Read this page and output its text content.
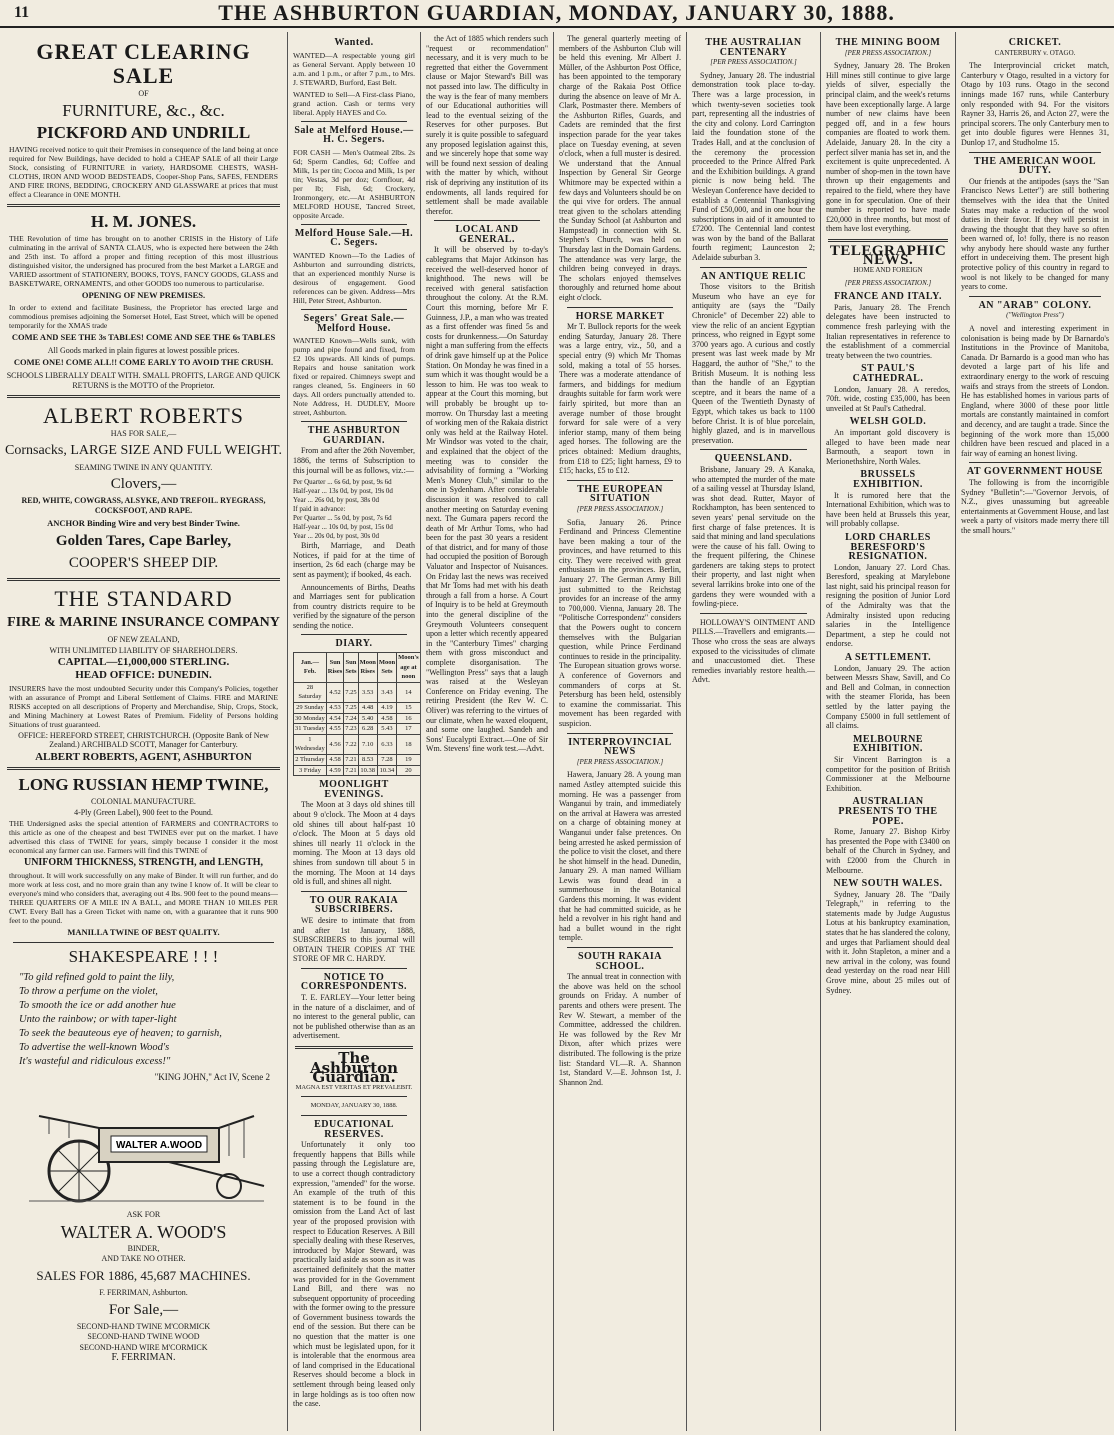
11	THE ASHBURTON GUARDIAN, MONDAY, JANUARY 30, 1888.
GREAT CLEARING SALE
OF
FURNITURE, &c., &c.
PICKFORD AND UNDRILL
HAVING received notice to quit their Premises in consequence of the land being at once required for New Buildings, have decided to hold a CHEAP SALE of all their Large Stock, consisting of FURNITURE in variety, HARDSOME CHESTS, WASH-CLOTHS, IRON AND WOOD BEDSTEADS, Cooper-Shop Pans, SAFES, FENDERS AND FIRE IRONS, BEDDING, CROCKERY AND GLASSWARE at prices that must effect a Clearance in ONE MONTH.
H. M. JONES.
THE Revolution of time has brought on to another CRISIS in the History of Life culminating in the arrival of SANTA CLAUS, who is expected here between the 24th and 25th inst. To afford a proper and fitting reception of this most illustrious distinguished visitor, the undersigned has procured from the best Market a LARGE and VARIED assortment of STATIONERY, BOOKS, TOYS, FANCY GOODS, GLASS and BASKETWARE, ORNAMENTS, and other GOODS too numerous to particularise.
OPENING OF NEW PREMISES.
In order to extend and facilitate Business, the Proprietor has erected large and commodious premises adjoining the Somerset Hotel, East Street, which will be opened temporarily for the XMAS trade
COME AND SEE THE 3s TABLES! COME AND SEE THE 6s TABLES
All Goods marked in plain figures at lowest possible prices.
COME ONE! COME ALL!! COME EARLY TO AVOID THE CRUSH.
SCHOOLS LIBERALLY DEALT WITH. SMALL PROFITS, LARGE AND QUICK RETURNS is the MOTTO of the Proprietor.
ALBERT ROBERTS
HAS FOR SALE,—
Cornsacks, LARGE SIZE AND FULL WEIGHT.
SEAMING TWINE IN ANY QUANTITY.
Clovers,—
RED, WHITE, COWGRASS, ALSYKE, AND TREFOIL. RYEGRASS, COCKSFOOT, AND RAPE.
ANCHOR Binding Wire and very best Binder Twine.
Golden Tares, Cape Barley,
COOPER'S SHEEP DIP.
THE STANDARD
FIRE & MARINE INSURANCE COMPANY
OF NEW ZEALAND,
WITH UNLIMITED LIABILITY OF SHAREHOLDERS.
CAPITAL—£1,000,000 STERLING.
HEAD OFFICE: DUNEDIN.
INSURERS have the most undoubted Security under this Company's Policies, together with an assurance of Prompt and Liberal Settlement of Claims. FIRE and MARINE RISKS accepted on all descriptions of Property and Merchandise, Ship, Crops, Stock, and Mining Machinery at Lowest Rates of Premium. Fidelity of Persons holding Situations of trust guaranteed.
OFFICE: HEREFORD STREET, CHRISTCHURCH. (Opposite Bank of New Zealand.) ARCHIBALD SCOTT, Manager for Canterbury.
ALBERT ROBERTS, AGENT, ASHBURTON
LONG RUSSIAN HEMP TWINE,
COLONIAL MANUFACTURE.
4-Ply (Green Label), 900 feet to the Pound.
THE Undersigned asks the special attention of FARMERS and CONTRACTORS to this article as one of the cheapest and best TWINES ever put on the market. I have advertised this class of TWINE for years, simply because I consider it the most economical any farmer can use. Farmers will find this TWINE of
UNIFORM THICKNESS, STRENGTH, and LENGTH,
throughout. It will work successfully on any make of Binder. It will run further, and do more work at less cost, and no more grain than any twine I know of. It will be clear to everyone's mind who considers that, averaging out 4 lbs. 900 feet to the pound means—THREE QUARTERS OF A MILE IN A BALL, and MORE THAN 10 MILES PER CWT. Every Ball has a Green Ticket with name on, with a guarantee that it runs 900 feet to the pound.
MANILLA TWINE OF BEST QUALITY.
SHAKESPEARE ! ! !
"To gild refined gold to paint the lily,
To throw a perfume on the violet,
To smooth the ice or add another hue
Unto the rainbow; or with taper-light
To seek the beauteous eye of heaven; to garnish,
To advertise the well-known Wood's
It's wasteful and ridiculous excess!"
"KING JOHN," Act IV, Scene 2
WALTER A.WOOD
ASK FOR
WALTER A. WOOD'S
BINDER,
AND TAKE NO OTHER.
SALES FOR 1886, 45,687 MACHINES.
F. FERRIMAN, Ashburton.
For Sale,—
SECOND-HAND TWINE M'CORMICK
SECOND-HAND TWINE WOOD
SECOND-HAND WIRE M'CORMICK
F. FERRIMAN.
Wanted.
WANTED—A respectable young girl as General Servant. Apply between 10 a.m. and 1 p.m., or after 7 p.m., to Mrs. J. STEWARD, Burford, East Belt.
WANTED to Sell—A First-class Piano, grand action. Cash or terms very liberal. Apply HAYES and Co.
Sale at Melford House.—H. C. Segers.
FOR CASH — Men's Oatmeal 2lbs. 2s 6d; Sperm Candles, 6d; Coffee and Milk, 1s per tin; Cocoa and Milk, 1s per tin; Vestas, 3d per doz; Cornflour, 4d per lb; Fish, 6d; Crockery, Ironmongery, etc.—At ASHBURTON MELFORD HOUSE, Tancred Street, opposite Arcade.
Melford House Sale.—H. C. Segers.
WANTED Known—To the Ladies of Ashburton and surrounding districts, that an experienced monthly Nurse is desirous of engagement. Good references can be given. Address—Mrs Hill, Peter Street, Ashburton.
Segers' Great Sale.—Melford House.
WANTED Known—Wells sunk, with pump and pipe found and fixed, from £2 10s upwards. All kinds of pumps. Repairs and house sanitation work fixed or repaired. Chimneys swept and ranges cleaned, 5s. Engineers in 60 days. All orders punctually attended to. Note Address, H. DUDLEY, Moore street, Ashburton.
THE ASHBURTON GUARDIAN.

From and after the 26th November, 1886, the terms of Subscription to this journal will be as follows, viz.:—

Per Quarter ... 6s 6d, by post, 9s 6d
Half-year ... 13s 0d, by post, 19s 0d
Year ... 26s 0d, by post, 38s 0d
If paid in advance:
Per Quarter ... 5s 0d, by post, 7s 6d
Half-year ... 10s 0d, by post, 15s 0d
Year ... 20s 0d, by post, 30s 0d

Birth, Marriage, and Death Notices, if paid for at the time of insertion, 2s 6d each (charge may be sent as payment); if booked, 4s each.

Announcements of Births, Deaths and Marriages sent for publication from country districts require to be verified by the signature of the person sending the notice.

DIARY.
Jan.—Feb.	Sun Rises	Sun Sets	Moon Rises	Moon Sets	Moon's age at noon
28 Saturday	4.52	7.25	3.53	3.43	14
29 Sunday	4.53	7.25	4.48	4.19	15
30 Monday	4.54	7.24	5.40	4.58	16
31 Tuesday	4.55	7.23	6.28	5.43	17
1 Wednesday	4.56	7.22	7.10	6.33	18
2 Thursday	4.58	7.21	8.53	7.28	19
3 Friday	4.59	7.21	10.38	10.34	20
MOONLIGHT EVENINGS.

The Moon at 3 days old shines till about 9 o'clock. The Moon at 4 days old shines till about half-past 10 o'clock. The Moon at 5 days old shines till nearly 11 o'clock in the morning. The Moon at 13 days old shines from sundown till about 5 in the morning. The Moon at 14 days old is full, and shines all night.

TO OUR RAKAIA SUBSCRIBERS.

WE desire to intimate that from and after 1st January, 1888, SUBSCRIBERS to this journal will OBTAIN THEIR COPIES AT THE STORE OF MR C. HARDY.

NOTICE TO CORRESPONDENTS.

T. E. FARLEY—Your letter being in the nature of a disclaimer, and of no interest to the general public, can not be published otherwise than as an advertisement.

The Ashburton Guardian.
MAGNA EST VERITAS ET PREVALEBIT.
MONDAY, JANUARY 30, 1888.
EDUCATIONAL RESERVES.

Unfortunately it only too frequently happens that Bills while passing through the Legislature are, to use a correct though contradictory expression, "amended" for the worse. An example of the truth of this statement is to be found in the omission from the Land Act of last year of the proposed provision with respect to Education Reserves. A Bill specially dealing with these Reserves, introduced by Major Steward, was practically laid aside as soon as it was ascertained definitely that the matter was provided for in the Government Land Bill, and there was no subsequent opportunity of proceeding with the former owing to the pressure of Government business towards the end of the session. But there can be no question that the matter is one which must be legislated upon, for it is intolerable that the enormous area of land comprised in the Educational Reserves should become a block in settlement through being leased only in large holdings as is too often now the case.

the Act of 1885 which renders such "request or recommendation" necessary, and it is very much to be regretted that either the Government clause or Major Steward's Bill was not passed into law. The difficulty in the way is the fear of many members of our Educational authorities will lead to the eventual seizing of the Reserves for other purposes. But surely it is quite possible to safeguard any proposed legislation against this, and we sincerely hope that some way will be found next session of dealing with the matter by which, without risk of depriving any institution of its endowments, all lands required for settlement shall be made available therefor.

LOCAL AND GENERAL.

It will be observed by to-day's cablegrams that Major Atkinson has received the well-deserved honor of knighthood. The news will be received with general satisfaction throughout the colony. At the R.M. Court this morning, before Mr F. Guinness, J.P., a man who was treated as a first offender was fined 5s and costs for drunkenness.—On Saturday night a man suffering from the effects of drink gave himself up at the Police Station. On Monday he was fined in a sum which it was thought would be a lesson to him. He was too weak to appear at the Court this morning, but will probably be brought up to-morrow. On Thursday last a meeting of working men of the Rakaia district only was held at the Railway Hotel. Mr Windsor was voted to the chair, and explained that the object of the meeting was to consider the advisability of forming a "Working Men's Money Club," similar to the one in Sydenham. After considerable discussion it was resolved to call another meeting on Saturday evening next. The Gumara papers record the death of Mr Arthur Toms, who had been for the past 30 years a resident of that district, and for many of those had occupied the position of Borough Valuator and Inspector of Nuisances. On Friday last the news was received that Mr Toms had met with his death through a fall from a horse. A Court of Inquiry is to be held at Greymouth into the general discipline of the Greymouth Volunteers consequent upon a letter which recently appeared in the "Canterbury Times" charging them with gross misconduct and complete disorganisation. The "Wellington Press" says that a laugh was raised at the Wesleyan Conference on Friday evening. The retiring President (the Rev W. C. Oliver) was referring to the virtues of our climate, when he waxed eloquent, and some one laughed. Sandeh and Sons' Eucalypti Extract.—One of Sir Wm. Stevens' fine work test.—Advt.

The general quarterly meeting of members of the Ashburton Club will be held this evening. Mr Albert J. Müller, of the Ashburton Post Office, has been appointed to the temporary charge of the Rakaia Post Office during the absence on leave of Mr A. Clark, Postmaster there. Members of the Ashburton Rifles, Guards, and Cadets are reminded that the first inspection parade for the year takes place on Tuesday evening, at seven o'clock, when a full muster is desired. We understand that the Annual Inspection by General Sir George Whitmore may be expected within a few days and Volunteers should be on the qui vive for orders. The annual treat given to the scholars attending the Sunday School (at Ashburton and Hampstead) in connection with St. Stephen's Church, was held on Thursday last in the Domain Gardens. The attendance was very large, the children being conveyed in drays. The scholars enjoyed themselves thoroughly and returned home about eight o'clock.

HORSE MARKET

Mr T. Bullock reports for the week ending Saturday, January 28. There was a large entry, viz., 50, and a special entry (9) which Mr Thomas sold, making a total of 55 horses. There was a moderate attendance of farmers, and biddings for medium draughts suitable for farm work were fairly spirited, but more than an average number of those brought forward for sale were of a very inferior stamp, many of them being aged horses. The following are the prices obtained: Medium draughts, from £18 to £25; light harness, £9 to £15; hacks, £5 to £12.

THE EUROPEAN SITUATION
[PER PRESS ASSOCIATION.]

Sofia, January 26. Prince Ferdinand and Princess Clementine have been making a tour of the provinces, and have returned to this city. They were received with great enthusiasm in the provinces. Berlin, January 27. The German Army Bill just submitted to the Reichstag provides for an increase of the army to 700,000. Vienna, January 28. The "Politische Correspondenz" considers that the Powers ought to concern themselves with the Bulgarian question, while Prince Ferdinand continues to reside in the principality. The European situation grows worse. A conference of Governors and commanders of corps at St. Petersburg has been held, ostensibly to examine the commissariat. This movement has been regarded with suspicion.

INTERPROVINCIAL NEWS
[PER PRESS ASSOCIATION.]

Hawera, January 28. A young man named Astley attempted suicide this morning. He was a passenger from Wanganui by train, and immediately on the arrival at Hawera was arrested on a charge of obtaining money at Wanganui under false pretences. On being arrested he asked permission of the police to visit the closet, and there he shot himself in the head. Dunedin, January 29. A man named William Lewis was found dead in a summerhouse in the Botanical Gardens this morning. It was evident that he had committed suicide, as he held a revolver in his right hand and had a bullet wound in the right temple.

SOUTH RAKAIA SCHOOL.

The annual treat in connection with the above was held on the school grounds on Friday. A number of parents and others were present. The Rev W. Stewart, a member of the Committee, addressed the children. He was followed by the Rev Mr Dixon, after which prizes were distributed. The following is the prize list: Standard VI.—R. A. Shannon 1st, Standard V.—E. Johnson 1st, J. Shannon 2nd.

THE AUSTRALIAN CENTENARY
[PER PRESS ASSOCIATION.]

Sydney, January 28. The industrial demonstration took place to-day. There was a large procession, in which twenty-seven societies took part, representing all the industries of the city and colony. Lord Carrington laid the foundation stone of the Trades Hall, and at the conclusion of the ceremony the procession proceeded to the Prince Alfred Park and the Exhibition buildings. A grand picnic is now being held. The Wesleyan Conference have decided to establish a Centennial Thanksgiving Fund of £50,000, and in one hour the subscriptions in aid of it amounted to £7200. The Centennial land contest was won by the band of the Ballarat fourth regiment; Launceston 2; Adelaide suburban 3.

AN ANTIQUE RELIC

Those visitors to the British Museum who have an eye for antiquity are (says the "Daily Chronicle" of December 22) able to view the relic of an ancient Egyptian princess, who reigned in Egypt some 3700 years ago. A curious and costly present was last week made by Mr Haggard, the author of "She," to the British Museum. It is nothing less than the handle of an Egyptian sceptre, and it bears the name of a Queen of the Twentieth Dynasty of Egypt, which takes us back to 1100 before Christ. It is of blue porcelain, highly glazed, and is in marvellous preservation.

QUEENSLAND.

Brisbane, January 29. A Kanaka, who attempted the murder of the mate of a sailing vessel at Thursday Island, was shot dead. Rutter, Mayor of Rockhampton, has been sentenced to seven years' penal servitude on the first charge of false pretences. It is said that mining and land speculations were the cause of his fall. Owing to the frequent pilfering, the Chinese gardeners are taking steps to protect their property, and last night when several larrikins broke into one of the gardens they were wounded with a fowling-piece.

HOLLOWAY'S OINTMENT AND PILLS.—Travellers and emigrants.—Those who cross the seas are always exposed to the vicissitudes of climate and unaccustomed diet. These remedies invariably restore health.—Advt.

THE MINING BOOM
[PER PRESS ASSOCIATION.]

Sydney, January 28. The Broken Hill mines still continue to give large yields of silver, especially the principal claim, and the week's returns have been exceptionally large. A large number of new claims have been pegged off, and in a few hours companies are floated to work them. Adelaide, January 28. In the city a perfect silver mania has set in, and the excitement is quite unprecedented. A number of shop-men in the town have thrown up their engagements and repaired to the field, where they have gone in for speculation. One of their number is reported to have made £20,000 in three months, but most of them have lost everything.

TELEGRAPHIC NEWS.
HOME AND FOREIGN
[PER PRESS ASSOCIATION.]
FRANCE AND ITALY.

Paris, January 28. The French delegates have been instructed to commence fresh parleying with the Italian representatives in reference to the establishment of a commercial treaty between the two countries.

ST PAUL'S CATHEDRAL.

London, January 28. A reredos, 70ft. wide, costing £35,000, has been unveiled at St Paul's Cathedral.

WELSH GOLD.

An important gold discovery is alleged to have been made near Barmouth, a seaport town in Merionethshire, North Wales.

BRUSSELS EXHIBITION.

It is rumored here that the International Exhibition, which was to have been held at Brussels this year, will probably collapse.

LORD CHARLES BERESFORD'S RESIGNATION.

London, January 27. Lord Chas. Beresford, speaking at Marylebone last night, said his principal reason for resigning the position of Junior Lord of the Admiralty was that the Admiralty insisted upon reducing salaries in the Intelligence Department, a step he could not endorse.

A SETTLEMENT.

London, January 29. The action between Messrs Shaw, Savill, and Co and Bell and Colman, in connection with the steamer Florida, has been settled by the latter paying the Company £5000 in full settlement of all claims.

MELBOURNE EXHIBITION.

Sir Vincent Barrington is a competitor for the position of British Commissioner at the Melbourne Exhibition.

AUSTRALIAN PRESENTS TO THE POPE.

Rome, January 27. Bishop Kirby has presented the Pope with £3400 on behalf of the Church in Sydney, and with £2000 from the Church in Melbourne.

NEW SOUTH WALES.

Sydney, January 28. The "Daily Telegraph," in referring to the statements made by Judge Augustus Lotus at his bankruptcy examination, states that he has slandered the colony, and urges that Parliament should deal with it. John Stapleton, a miner and a new arrival in the colony, was found dead yesterday on the road near Hill Grove mine, about 25 miles out of Sydney.

CRICKET.
CANTERBURY v. OTAGO.

The Interprovincial cricket match, Canterbury v Otago, resulted in a victory for Otago by 103 runs. Otago in the second innings made 167 runs, while Canterbury only responded with 94. For the visitors Rayner 33, Harris 26, and Acton 27, were the principal scorers. The only Canterbury men to get into double figures were Hennes 31, Dunlop 17, and Studholme 15.

THE AMERICAN WOOL DUTY.

Our friends at the antipodes (says the "San Francisco News Letter") are still bothering themselves with the idea that the United States may make a reduction of the wool duties in their favor. If they will persist in drawing the thought that they have so often been warned of, lo! folly, there is no reason why anybody here should waste any further effort in undeceiving them. The present high protective policy of this country in regard to wool is not likely to be changed for many years to come.

AN "ARAB" COLONY.
("Wellington Press")

A novel and interesting experiment in colonisation is being made by Dr Barnardo's Institutions in the Province of Manitoba, Canada. Dr Barnardo is a good man who has devoted a large part of his life and extraordinary energy to the work of rescuing waifs and strays from the streets of London. He has established homes in various parts of England, where 3000 of these poor little mortals are constantly maintained in comfort and decency, and are taught a trade. Since the beginning of the work more than 15,000 children have been rescued and placed in a fair way of earning an honest living.

AT GOVERNMENT HOUSE

The following is from the incorrigible Sydney "Bulletin":—"Governor Jervois, of N.Z., gives unassuming but agreeable entertainments at Government House, and last week a party of visitors made merry there till the small hours."
